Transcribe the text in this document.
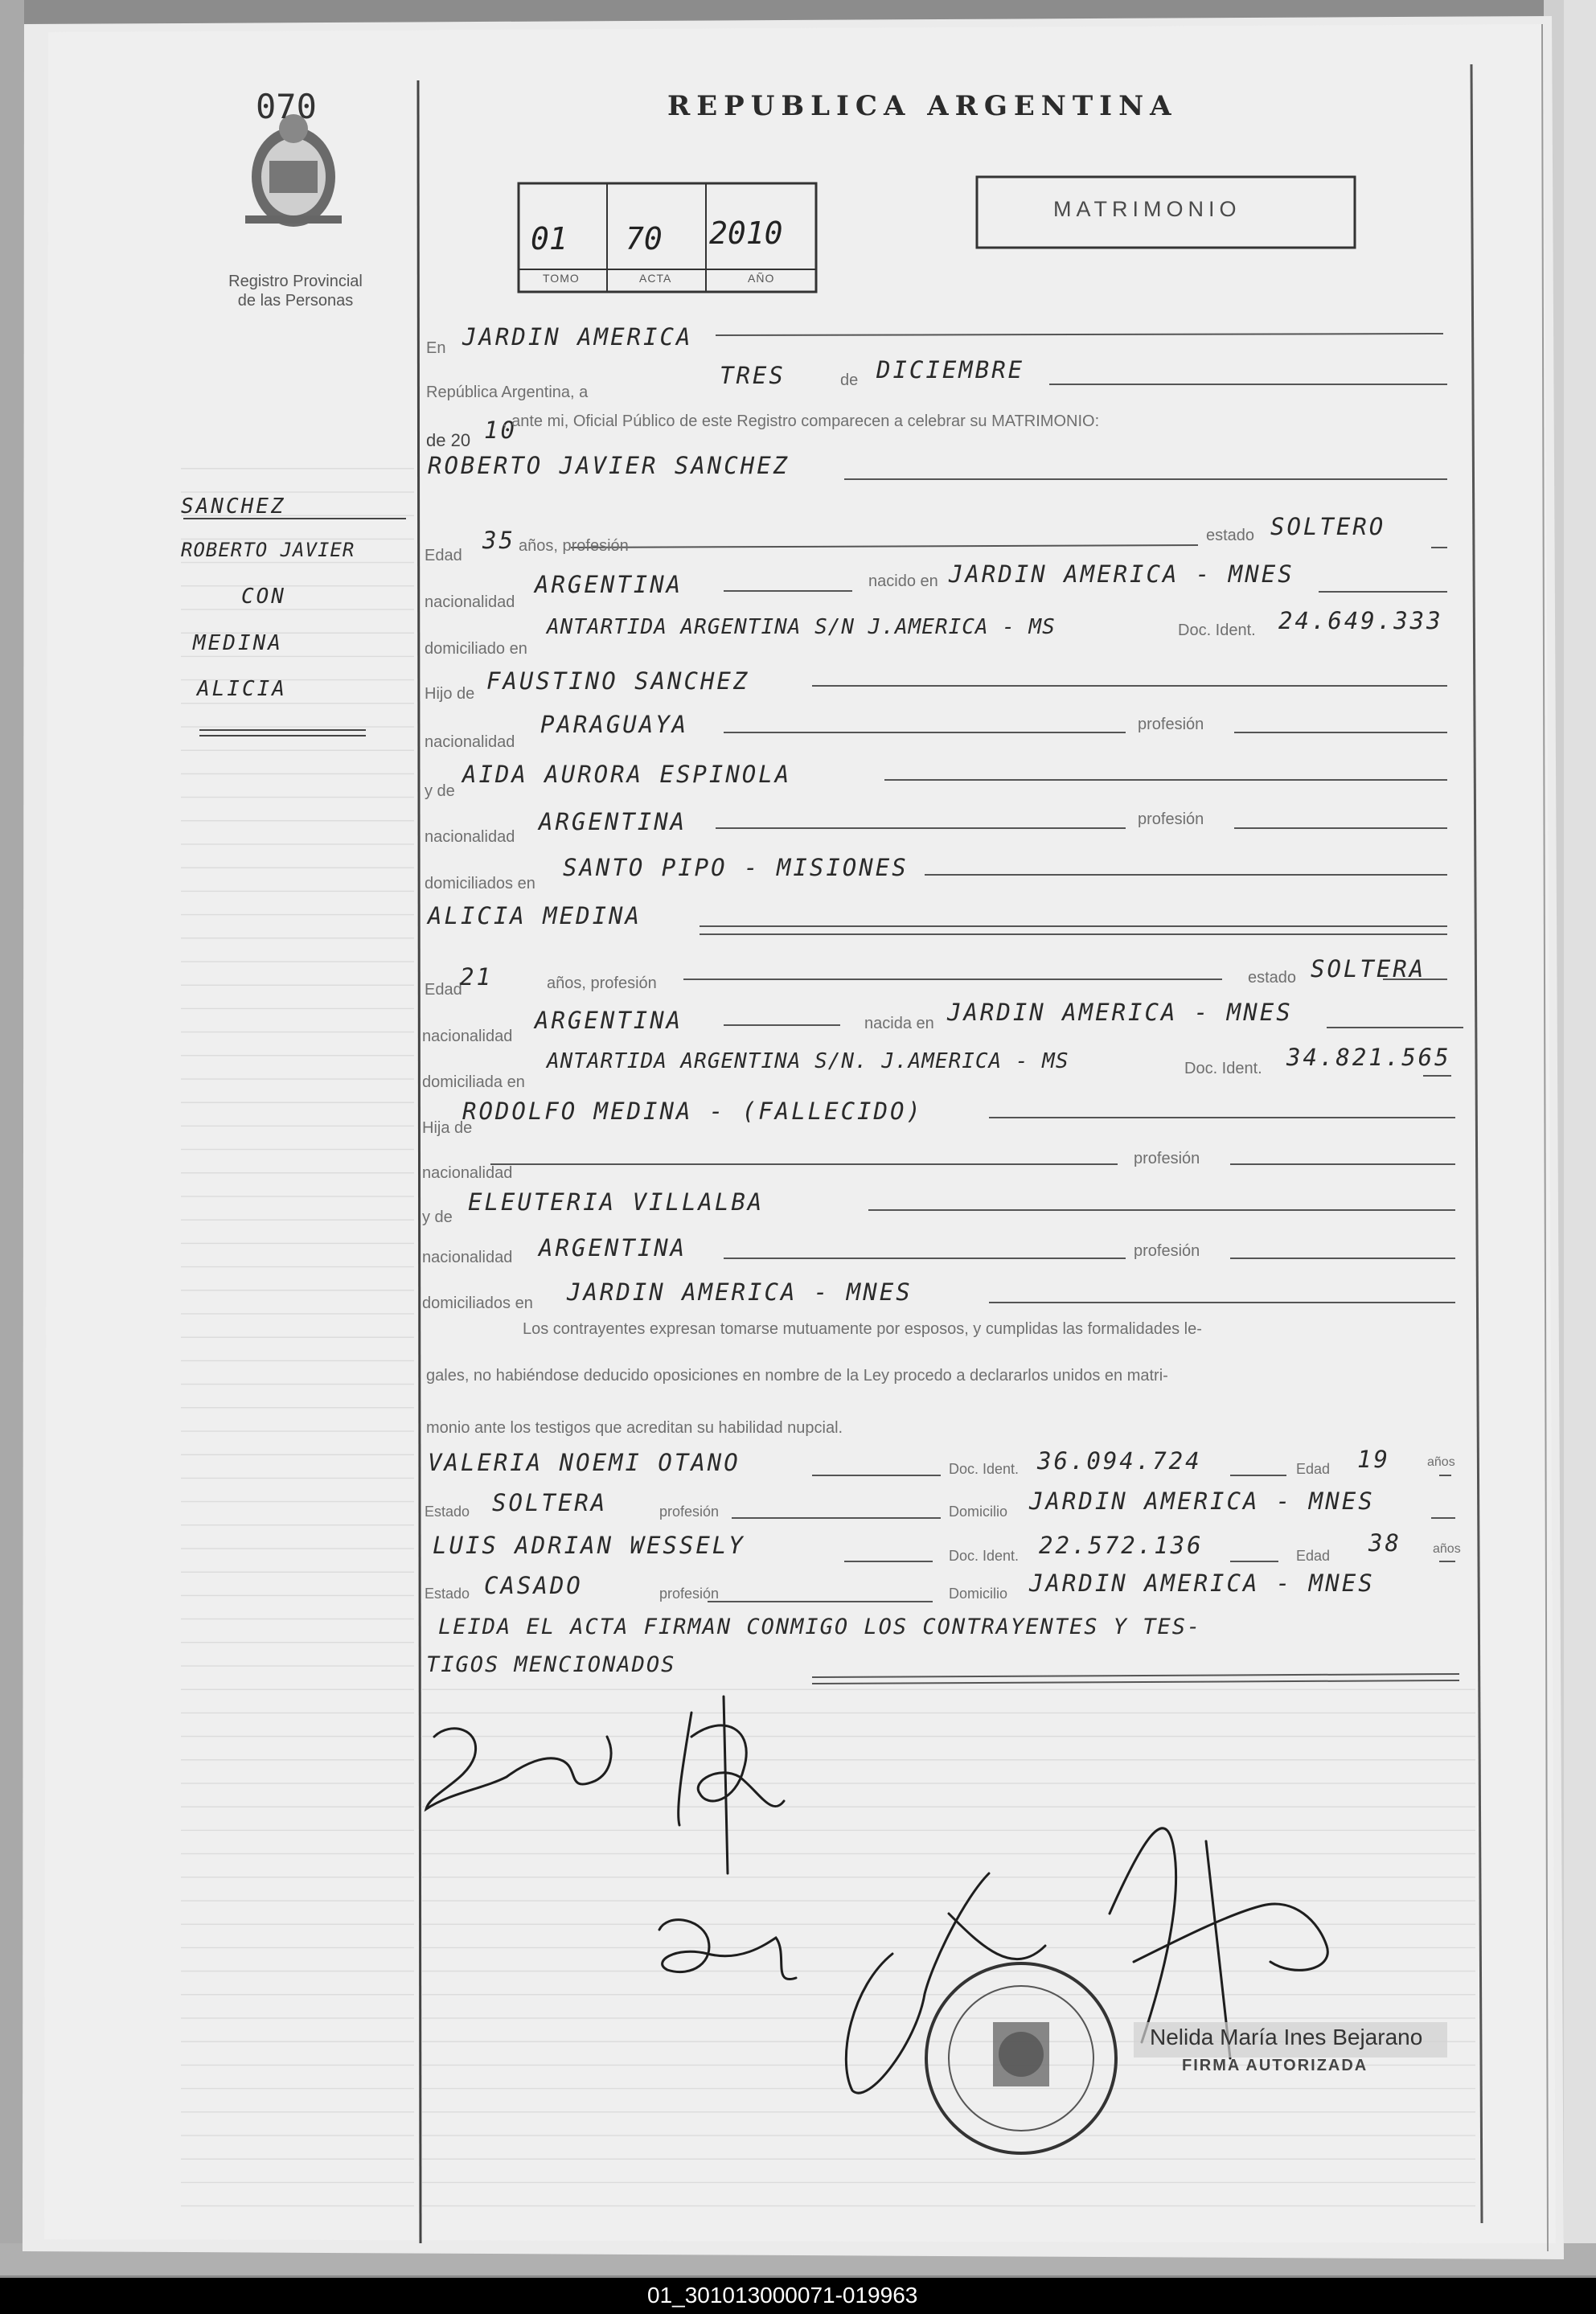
070
Registro Provincial
de las Personas
REPUBLICA ARGENTINA
MATRIMONIO
01 70 2010
TOMO	ACTA	AÑO
SANCHEZ
ROBERTO JAVIER
CON
MEDINA
ALICIA
En JARDIN AMERICA
República Argentina, a
TRES	de DICIEMBRE
de 20 10
, ante mi, Oficial Público de este Registro comparecen a celebrar su MATRIMONIO:
ROBERTO JAVIER SANCHEZ
Edad
35 años, profesión
estado SOLTERO
nacionalidad
ARGENTINA	nacido en JARDIN AMERICA - MNES
domiciliado en
ANTARTIDA ARGENTINA S/N J.AMERICA - MS	Doc. Ident. 24.649.333
Hijo de FAUSTINO SANCHEZ
nacionalidad
PARAGUAYA	profesión
y de
AIDA AURORA ESPINOLA
nacionalidad
ARGENTINA	profesión
domiciliados en
SANTO PIPO - MISIONES
ALICIA MEDINA
Edad
21	años, profesión	estado SOLTERA
nacionalidad
ARGENTINA	nacida en JARDIN AMERICA - MNES
domiciliada en
ANTARTIDA ARGENTINA S/N. J.AMERICA - MS	Doc. Ident. 34.821.565
Hija de
RODOLFO MEDINA - (FALLECIDO)
nacionalidad
profesión
y de
ELEUTERIA VILLALBA
nacionalidad ARGENTINA	profesión
domiciliados en JARDIN AMERICA - MNES
Los contrayentes expresan tomarse mutuamente por esposos, y cumplidas las formalidades le-
gales, no habiéndose deducido oposiciones en nombre de la Ley procedo a declararlos unidos en matri-
monio ante los testigos que acreditan su habilidad nupcial.
VALERIA NOEMI OTANO	Doc. Ident. 36.094.724	Edad 19	años
Estado SOLTERA	profesión	Domicilio JARDIN AMERICA - MNES
LUIS ADRIAN WESSELY	Doc. Ident. 22.572.136	Edad 38 años
Estado CASADO	profesión	Domicilio JARDIN AMERICA - MNES
LEIDA EL ACTA FIRMAN CONMIGO LOS CONTRAYENTES Y TES-
TIGOS MENCIONADOS
Nelida María Ines Bejarano
FIRMA AUTORIZADA
01_301013000071-019963
